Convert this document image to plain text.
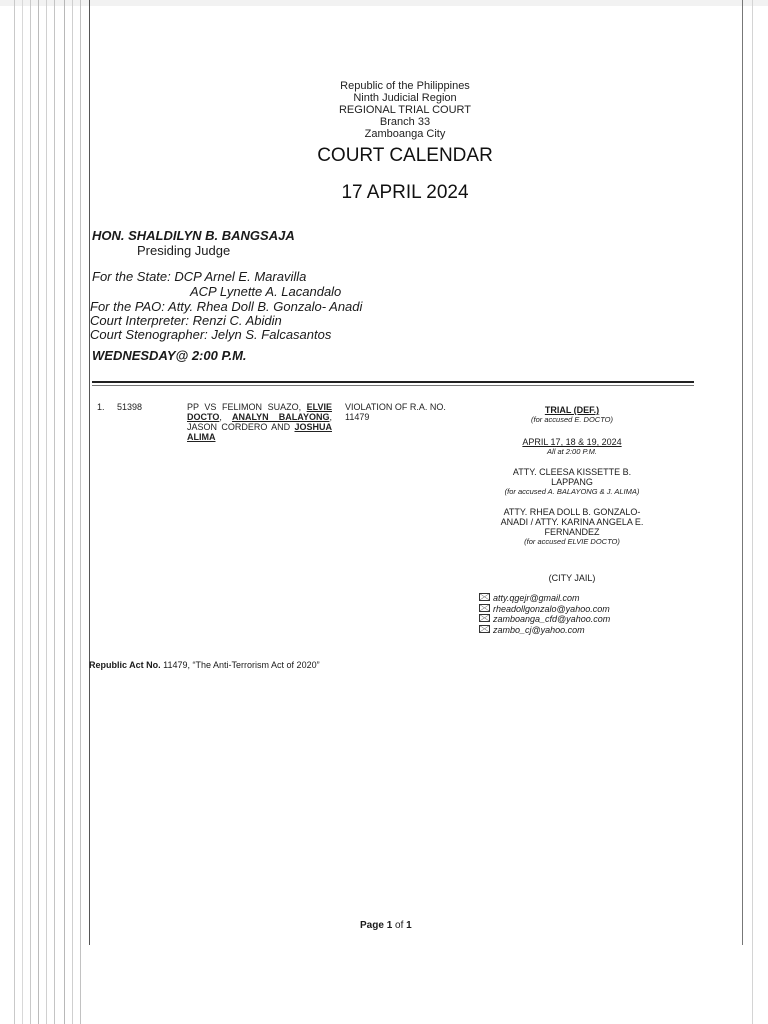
Republic of the Philippines
Ninth Judicial Region
REGIONAL TRIAL COURT
Branch 33
Zamboanga City
COURT CALENDAR
17 APRIL 2024
HON. SHALDILYN B. BANGSAJA
Presiding Judge
For the State: DCP Arnel E. Maravilla
ACP Lynette A. Lacandalo
For the PAO: Atty. Rhea Doll B. Gonzalo- Anadi
Court Interpreter: Renzi C. Abidin
Court Stenographer: Jelyn S. Falcasantos
WEDNESDAY@ 2:00 P.M.
1. 51398	PP VS FELIMON SUAZO, ELVIE DOCTO, ANALYN BALAYONG, JASON CORDERO AND JOSHUA ALIMA
VIOLATION OF R.A. NO. 11479
TRIAL (DEF.)
(for accused E. DOCTO)
APRIL 17, 18 & 19, 2024
All at 2:00 P.M.
ATTY. CLEESA KISSETTE B. LAPPANG
(for accused A. BALAYONG & J. ALIMA)
ATTY. RHEA DOLL B. GONZALO-ANADI / ATTY. KARINA ANGELA E. FERNANDEZ
(for accused ELVIE DOCTO)
(CITY JAIL)
atty.qgejr@gmail.com
rheadollgonzalo@yahoo.com
zamboanga_cfd@yahoo.com
zambo_cj@yahoo.com
Republic Act No. 11479, “The Anti-Terrorism Act of 2020”
Page 1 of 1
